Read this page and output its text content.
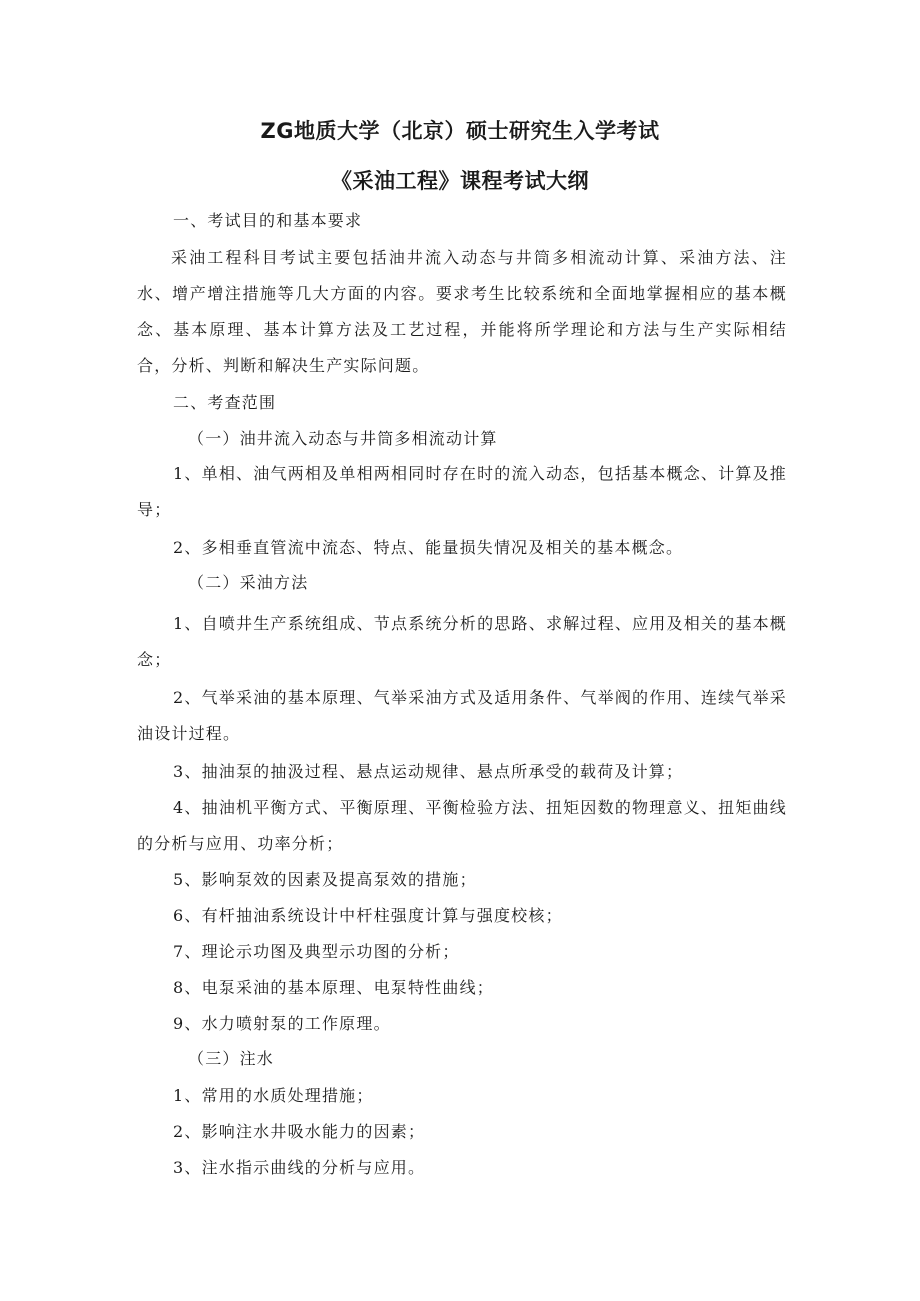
ZG地质大学（北京）硕士研究生入学考试
《采油工程》课程考试大纲

一、考试目的和基本要求

采油工程科目考试主要包括油井流入动态与井筒多相流动计算、采油方法、注水、增产增注措施等几大方面的内容。要求考生比较系统和全面地掌握相应的基本概念、基本原理、基本计算方法及工艺过程，并能将所学理论和方法与生产实际相结合，分析、判断和解决生产实际问题。

二、考查范围

（一）油井流入动态与井筒多相流动计算

1、单相、油气两相及单相两相同时存在时的流入动态，包括基本概念、计算及推导；

2、多相垂直管流中流态、特点、能量损失情况及相关的基本概念。

（二）采油方法

1、自喷井生产系统组成、节点系统分析的思路、求解过程、应用及相关的基本概念；

2、气举采油的基本原理、气举采油方式及适用条件、气举阀的作用、连续气举采油设计过程。

3、抽油泵的抽汲过程、悬点运动规律、悬点所承受的载荷及计算；

4、抽油机平衡方式、平衡原理、平衡检验方法、扭矩因数的物理意义、扭矩曲线的分析与应用、功率分析；

5、影响泵效的因素及提高泵效的措施；

6、有杆抽油系统设计中杆柱强度计算与强度校核；

7、理论示功图及典型示功图的分析；

8、电泵采油的基本原理、电泵特性曲线；

9、水力喷射泵的工作原理。

（三）注水

1、常用的水质处理措施；

2、影响注水井吸水能力的因素；

3、注水指示曲线的分析与应用。
